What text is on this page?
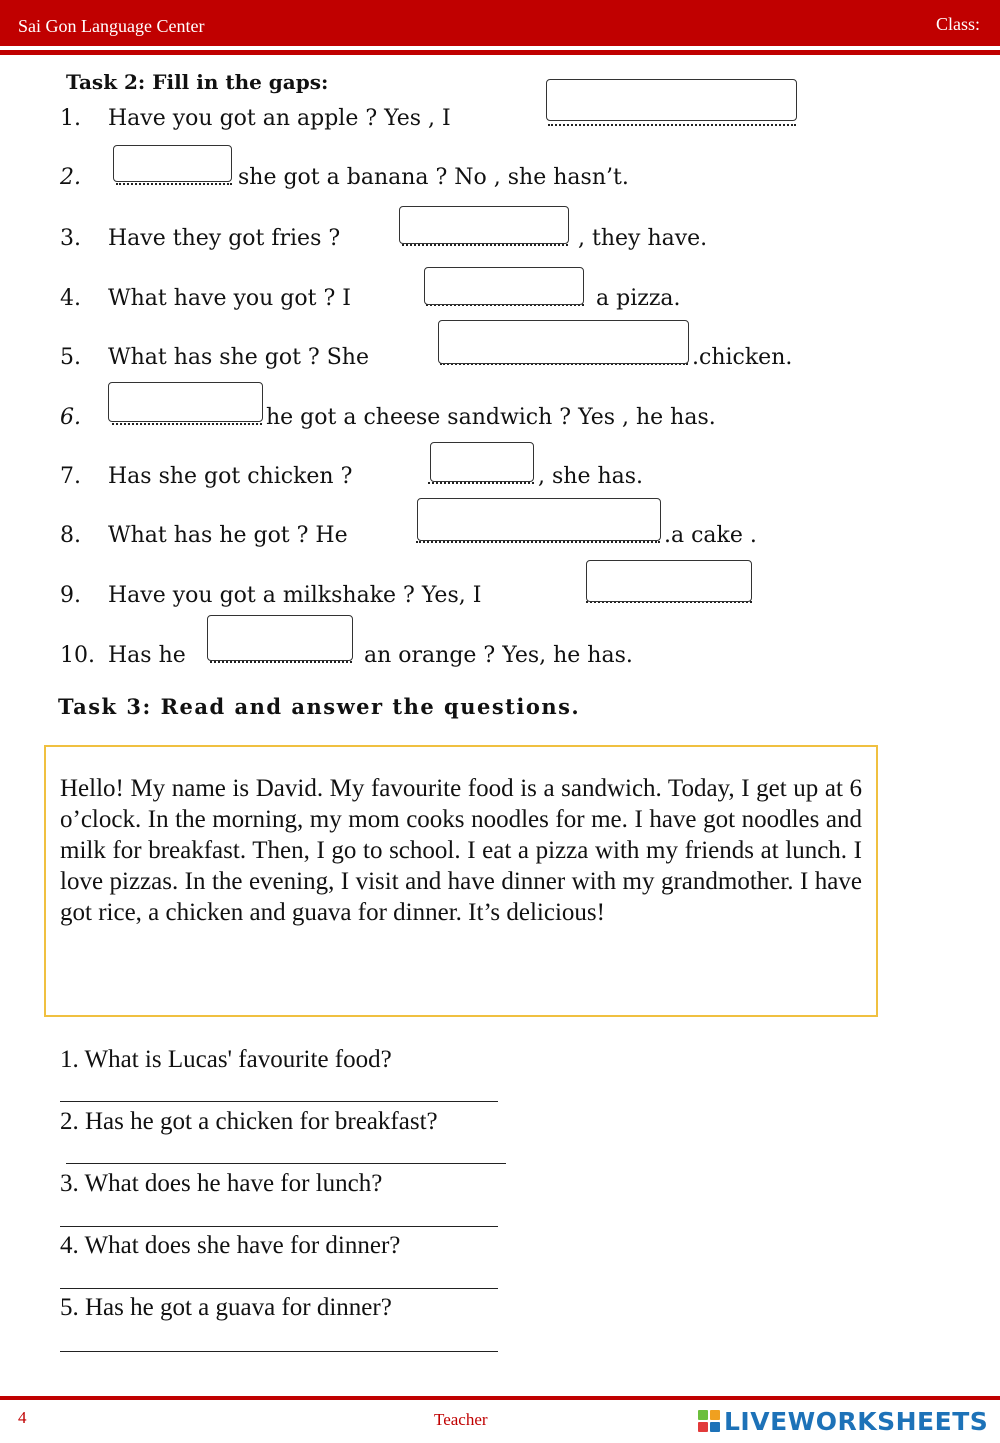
Sai Gon Language Center	Class:
Task 2: Fill in the gaps:
1. Have you got an apple ? Yes , I
2.	she got a banana ? No , she hasn’t.
3. Have they got fries ?	, they have.
4. What have you got ? I	a pizza.
5. What has she got ? She	.chicken.
6.	he got a cheese sandwich ? Yes , he has.
7. Has she got chicken ?	, she has.
8. What has he got ? He	.a cake .
9. Have you got a milkshake ? Yes, I
10. Has he	an orange ? Yes, he has.
Task 3: Read and answer the questions.

Hello! My name is David. My favourite food is a sandwich. Today, I get up at 6 o’clock. In the morning, my mom cooks noodles for me. I have got noodles and milk for breakfast. Then, I go to school. I eat a pizza with my friends at lunch. I love pizzas. In the evening, I visit and have dinner with my grandmother. I have got rice, a chicken and guava for dinner. It’s delicious!

1. What is Lucas' favourite food?
2. Has he got a chicken for breakfast?
3. What does he have for lunch?
4. What does she have for dinner?
5. Has he got a guava for dinner?
4	Teacher	LIVEWORKSHEETS
